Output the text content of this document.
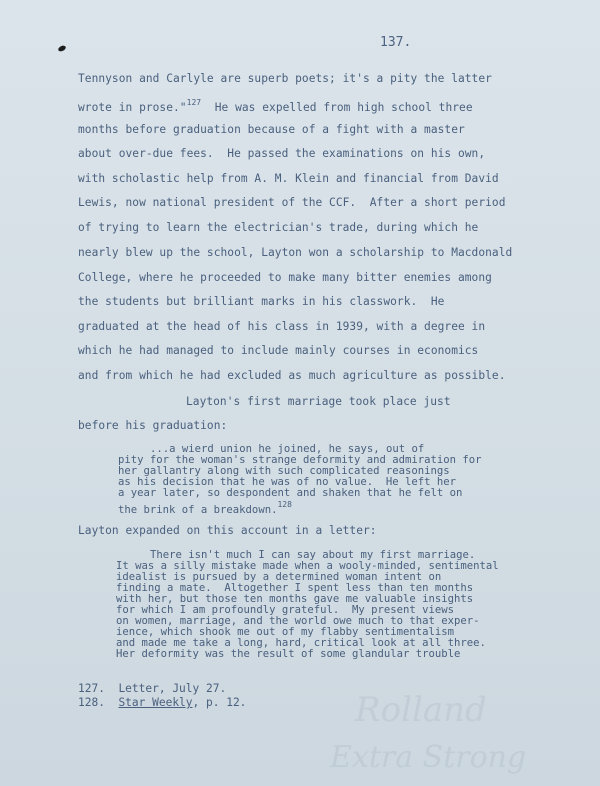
137.
Tennyson and Carlyle are superb poets; it's a pity the latter
wrote in prose."$^{127}$  He was expelled from high school three
months before graduation because of a fight with a master
about over-due fees.  He passed the examinations on his own,
with scholastic help from A. M. Klein and financial from David
Lewis, now national president of the CCF.  After a short period
of trying to learn the electrician's trade, during which he
nearly blew up the school, Layton won a scholarship to Macdonald
College, where he proceeded to make many bitter enemies among
the students but brilliant marks in his classwork.  He
graduated at the head of his class in 1939, with a degree in
which he had managed to include mainly courses in economics
and from which he had excluded as much agriculture as possible.
Layton's first marriage took place just
before his graduation:
...a wierd union he joined, he says, out of
pity for the woman's strange deformity and admiration for
her gallantry along with such complicated reasonings
as his decision that he was of no value.  He left her
a year later, so despondent and shaken that he felt on
the brink of a breakdown.$^{128}$
Layton expanded on this account in a letter:
There isn't much I can say about my first marriage.
It was a silly mistake made when a wooly-minded, sentimental
idealist is pursued by a determined woman intent on
finding a mate.  Altogether I spent less than ten months
with her, but those ten months gave me valuable insights
for which I am profoundly grateful.  My present views
on women, marriage, and the world owe much to that exper-
ience, which shook me out of my flabby sentimentalism
and made me take a long, hard, critical look at all three.
Her deformity was the result of some glandular trouble
127. Letter, July 27.
128. Star Weekly, p. 12.	Rolland
Extra Strong
